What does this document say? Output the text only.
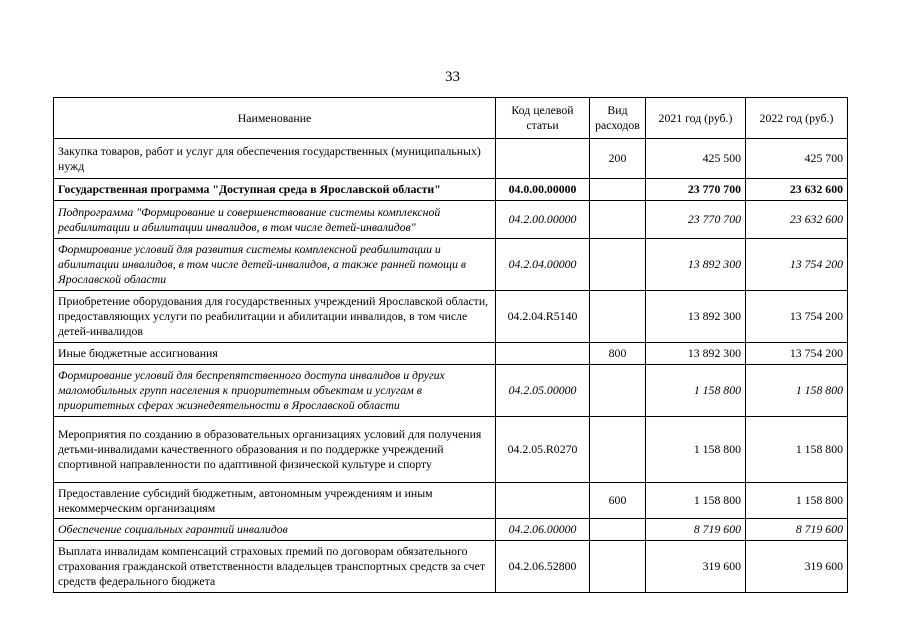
33
Наименование	Код целевой статьи	Вид расходов	2021 год (руб.)	2022 год (руб.)
Закупка товаров, работ и услуг для обеспечения государственных (муниципальных) нужд		200	425 500	425 700
Государственная программа "Доступная среда в Ярославской области"	04.0.00.00000		23 770 700	23 632 600
Подпрограмма "Формирование и совершенствование системы комплексной реабилитации и абилитации инвалидов, в том числе детей-инвалидов"	04.2.00.00000		23 770 700	23 632 600
Формирование условий для развития системы комплексной реабилитации и абилитации инвалидов, в том числе детей-инвалидов, а также ранней помощи в Ярославской области	04.2.04.00000		13 892 300	13 754 200
Приобретение оборудования для государственных учреждений Ярославской области, предоставляющих услуги по реабилитации и абилитации инвалидов, в том числе детей-инвалидов	04.2.04.R5140		13 892 300	13 754 200
Иные бюджетные ассигнования		800	13 892 300	13 754 200
Формирование условий для беспрепятственного доступа инвалидов и других маломобильных групп населения к приоритетным объектам и услугам в приоритетных сферах жизнедеятельности в Ярославской области	04.2.05.00000		1 158 800	1 158 800
Мероприятия по созданию в образовательных организациях условий для получения детьми-инвалидами качественного образования и по поддержке учреждений спортивной направленности по адаптивной физической культуре и спорту	04.2.05.R0270		1 158 800	1 158 800
Предоставление субсидий бюджетным, автономным учреждениям и иным некоммерческим организациям		600	1 158 800	1 158 800
Обеспечение социальных гарантий инвалидов	04.2.06.00000		8 719 600	8 719 600
Выплата инвалидам компенсаций страховых премий по договорам обязательного страхования гражданской ответственности владельцев транспортных средств за счет средств федерального бюджета	04.2.06.52800		319 600	319 600
